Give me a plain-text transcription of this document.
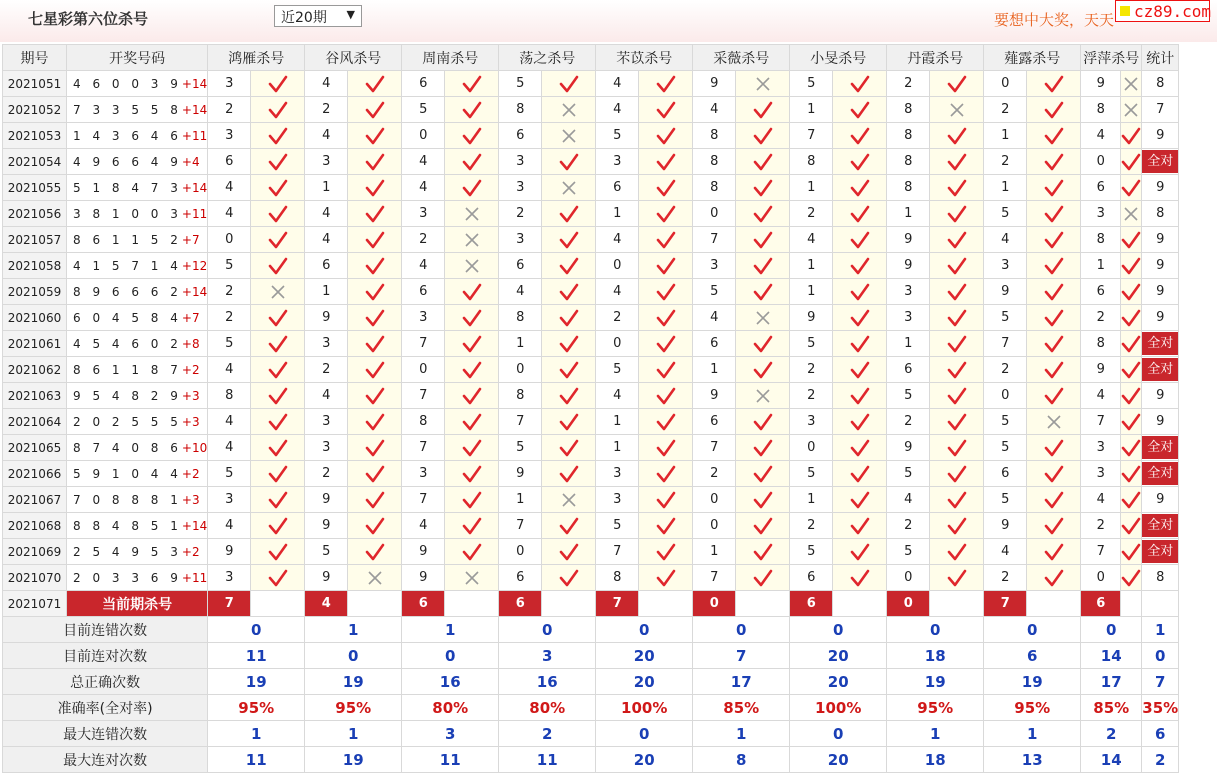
七星彩第六位杀号	近20期 ▼	要想中大奖，天天	cz89.com
期号	开奖号码	鸿雁杀号		谷风杀号		周南杀号		荡之杀号		芣苡杀号		采薇杀号		小旻杀号		丹霞杀号		薤露杀号		浮萍杀号		统计
2021051	4 6 0 0 3 9+14	3		4		6		5		4		9		5		2		0		9		8
2021052	7 3 3 5 5 8+14	2		2		5		8		4		4		1		8		2		8		7
2021053	1 4 3 6 4 6+11	3		4		0		6		5		8		7		8		1		4		9
2021054	4 9 6 6 4 9+4	6		3		4		3		3		8		8		8		2		0		全对
2021055	5 1 8 4 7 3+14	4		1		4		3		6		8		1		8		1		6		9
2021056	3 8 1 0 0 3+11	4		4		3		2		1		0		2		1		5		3		8
2021057	8 6 1 1 5 2+7	0		4		2		3		4		7		4		9		4		8		9
2021058	4 1 5 7 1 4+12	5		6		4		6		0		3		1		9		3		1		9
2021059	8 9 6 6 6 2+14	2		1		6		4		4		5		1		3		9		6		9
2021060	6 0 4 5 8 4+7	2		9		3		8		2		4		9		3		5		2		9
2021061	4 5 4 6 0 2+8	5		3		7		1		0		6		5		1		7		8		全对
2021062	8 6 1 1 8 7+2	4		2		0		0		5		1		2		6		2		9		全对
2021063	9 5 4 8 2 9+3	8		4		7		8		4		9		2		5		0		4		9
2021064	2 0 2 5 5 5+3	4		3		8		7		1		6		3		2		5		7		9
2021065	8 7 4 0 8 6+10	4		3		7		5		1		7		0		9		5		3		全对
2021066	5 9 1 0 4 4+2	5		2		3		9		3		2		5		5		6		3		全对
2021067	7 0 8 8 8 1+3	3		9		7		1		3		0		1		4		5		4		9
2021068	8 8 4 8 5 1+14	4		9		4		7		5		0		2		2		9		2		全对
2021069	2 5 4 9 5 3+2	9		5		9		0		7		1		5		5		4		7		全对
2021070	2 0 3 3 6 9+11	3		9		9		6		8		7		6		0		2		0		8
2021071	当前期杀号	7		4		6		6		7		0		6		0		7		6		
目前连错次数		0		1		1		0		0		0		0		0		0		0		1
目前连对次数		11		0		0		3		20		7		20		18		6		14		0
总正确次数		19		19		16		16		20		17		20		19		19		17		7
准确率(全对率)		95%		95%		80%		80%		100%		85%		100%		95%		95%		85%		35%
最大连错次数		1		1		3		2		0		1		0		1		1		2		6
最大连对次数		11		19		11		11		20		8		20		18		13		14		2
